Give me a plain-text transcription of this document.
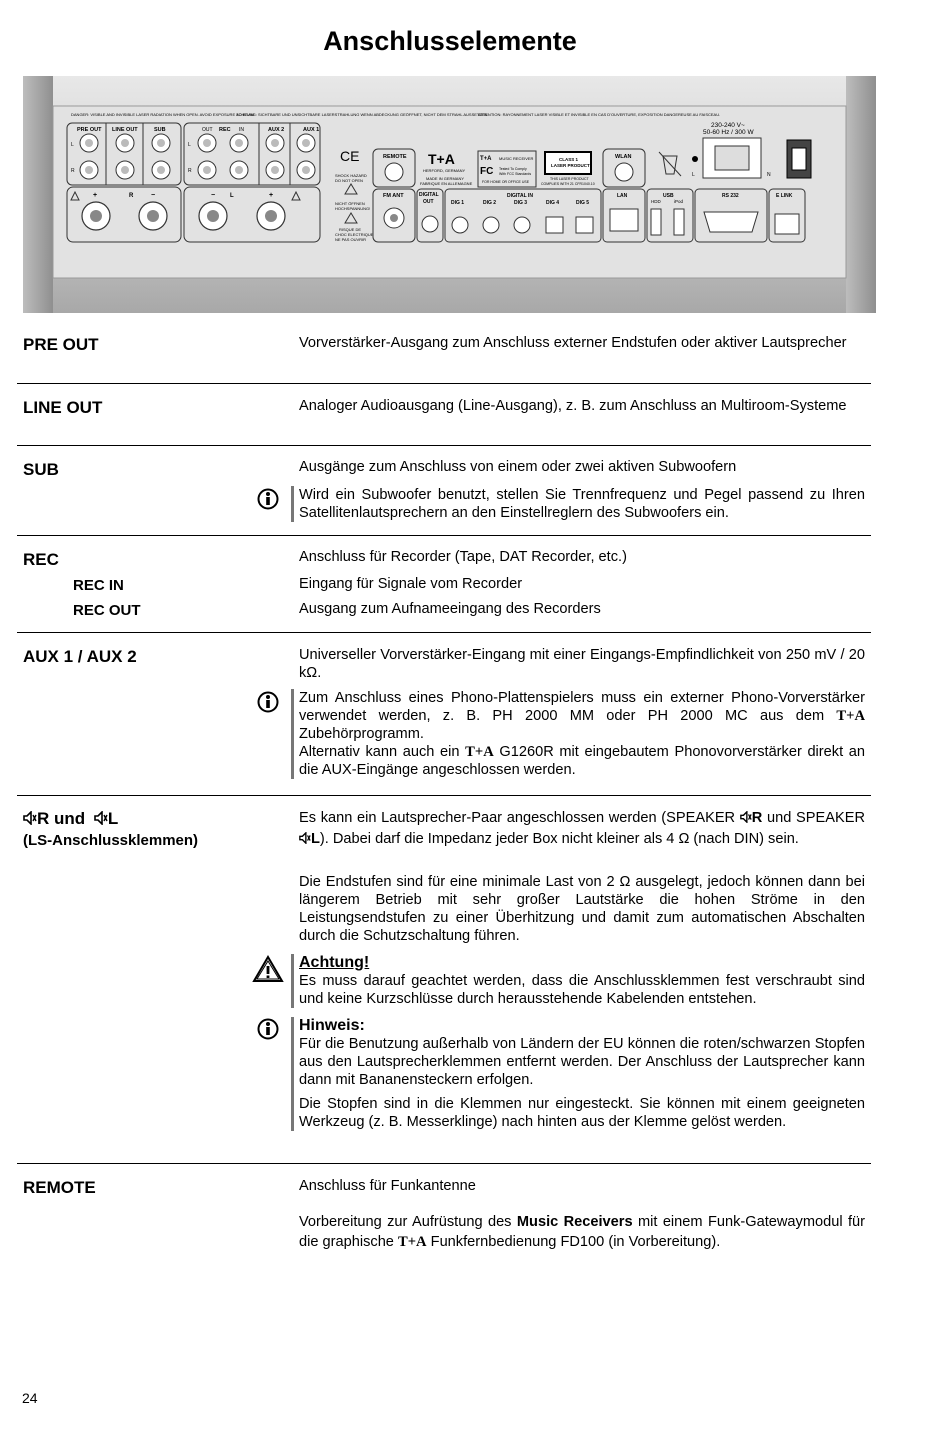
Anschlusselemente
DANGER: VISIBLE AND INVISIBLE LASER RADIATION WHEN OPEN. AVOID EXPOSURE TO BEAM.
ACHTUNG: SICHTBARE UND UNSICHTBARE LASERSTRAHLUNG WENN ABDECKUNG GEÖFFNET, NICHT DEM STRAHL AUSSETZEN.
ATTENTION: RAYONNEMENT LASER VISIBLE ET INVISIBLE EN CAS D'OUVERTURE, EXPOSITION DANGEREUSE AU FAISCEAU.
PRE OUT LINE OUT	SUB	OUT REC IN	AUX 2	AUX 1
L
R
L
R
+	R	−	− L	+
CE
SHOCK HAZARD
DO NOT OPEN
NICHT ÖFFNEN
HOCHSPANNUNG!
RISQUE DE
CHOC ELECTRIQUE
NE PAS OUVRIR
REMOTE
FM ANT
T+A
HERFORD, GERMANY
MADE IN GERMANY
FABRIQUE EN ALLEMAGNE
T+A MUSIC RECEIVER
FC Tested To Comply
With FCC Standards
FOR HOME OR OFFICE USE
CLASS 1
LASER PRODUCT
THIS LASER PRODUCT
COMPLIES WITH 21 CFR1040.10
WLAN
DIGITAL
OUT
DIGITAL IN
DIG 1	DIG 2	DIG 3	DIG 4	DIG 5
LAN	USB
HDD	iPod
RS 232	E LINK
230-240 V~
50-60 Hz / 300 W
L	N
PRE OUT	Vorverstärker-Ausgang zum Anschluss externer Endstufen oder aktiver Lautsprecher
LINE OUT	Analoger Audioausgang (Line-Ausgang), z. B. zum Anschluss an Multiroom-Systeme
SUB	Ausgänge zum Anschluss von einem oder zwei aktiven Subwoofern
Wird ein Subwoofer benutzt, stellen Sie Trennfrequenz und Pegel passend zu Ihren Satellitenlautsprechern an den Einstellreglern des Subwoofers ein.
REC	Anschluss für Recorder (Tape, DAT Recorder, etc.)
REC IN	Eingang für Signale vom Recorder
REC OUT	Ausgang zum Aufnameeingang des Recorders
AUX 1 / AUX 2	Universeller Vorverstärker-Eingang mit einer Eingangs-Empfindlichkeit von 250 mV / 20 kΩ.
Zum Anschluss eines Phono-Plattenspielers muss ein externer Phono-Vorverstärker verwendet werden, z. B. PH 2000 MM oder PH 2000 MC aus dem T+A Zubehörprogramm.
Alternativ kann auch ein T+A G1260R mit eingebautem Phonovorverstärker direkt an die AUX-Eingänge angeschlossen werden.
R und L
(LS-Anschlussklemmen)
Es kann ein Lautsprecher-Paar angeschlossen werden (SPEAKER R und SPEAKER L). Dabei darf die Impedanz jeder Box nicht kleiner als 4 Ω (nach DIN) sein.
Die Endstufen sind für eine minimale Last von 2 Ω ausgelegt, jedoch können dann bei längerem Betrieb mit sehr großer Lautstärke die hohen Ströme in den Leistungsendstufen zu einer Überhitzung und damit zum automatischen Abschalten durch die Schutzschaltung führen.
Achtung!
Es muss darauf geachtet werden, dass die Anschlussklemmen fest verschraubt sind und keine Kurzschlüsse durch herausstehende Kabelenden entstehen.
Hinweis:
Für die Benutzung außerhalb von Ländern der EU können die roten/schwarzen Stopfen aus den Lautsprecherklemmen entfernt werden. Der Anschluss der Lautsprecher kann dann mit Bananensteckern erfolgen.
Die Stopfen sind in die Klemmen nur eingesteckt. Sie können mit einem geeigneten Werkzeug (z. B. Messerklinge) nach hinten aus der Klemme gelöst werden.
REMOTE	Anschluss für Funkantenne
Vorbereitung zur Aufrüstung des Music Receivers mit einem Funk-Gatewaymodul für die graphische T+A Funkfernbedienung FD100 (in Vorbereitung).
24
